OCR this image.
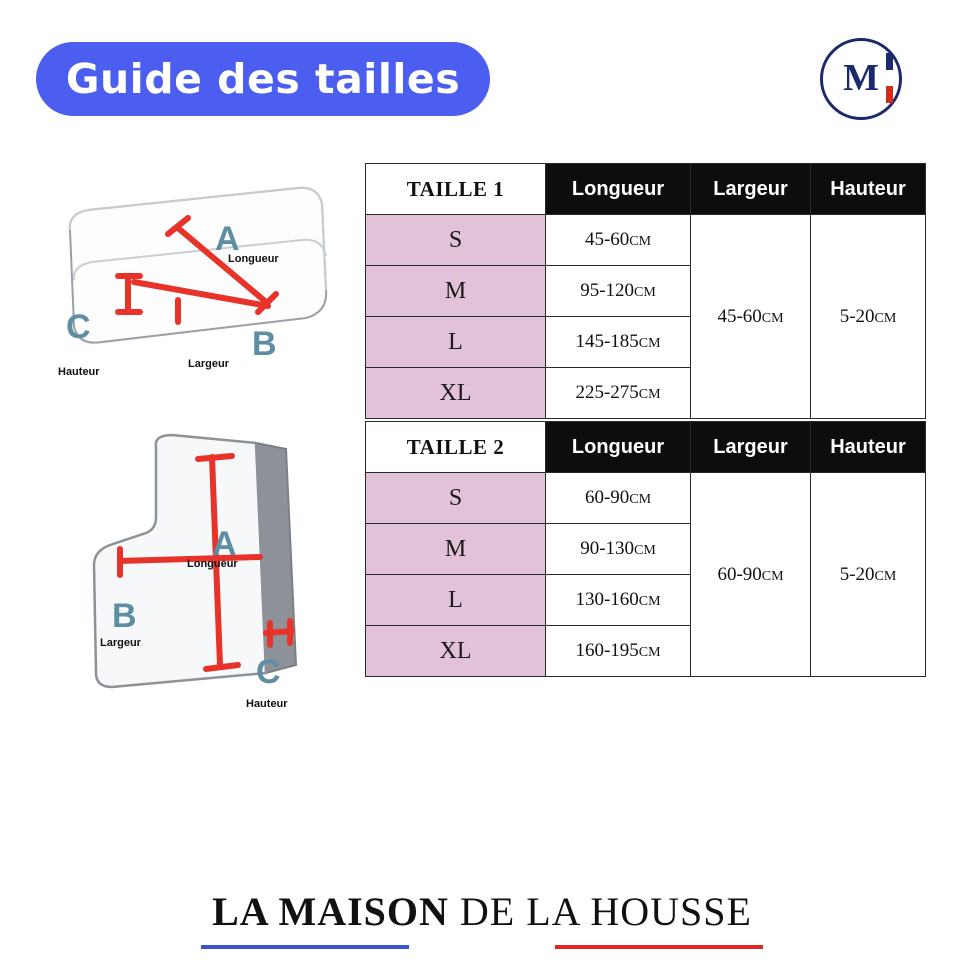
Guide des tailles	M
A
B
C
Longueur
Largeur
Hauteur
A
B
C
Longueur
Largeur
Hauteur
TAILLE 1	Longueur	Largeur	Hauteur
S	45-60CM	45-60CM	5-20CM
M	95-120CM		
L	145-185CM		
XL	225-275CM		
TAILLE 2	Longueur	Largeur	Hauteur
S	60-90CM	60-90CM	5-20CM
M	90-130CM		
L	130-160CM		
XL	160-195CM		
LA MAISON DE LA HOUSSE
